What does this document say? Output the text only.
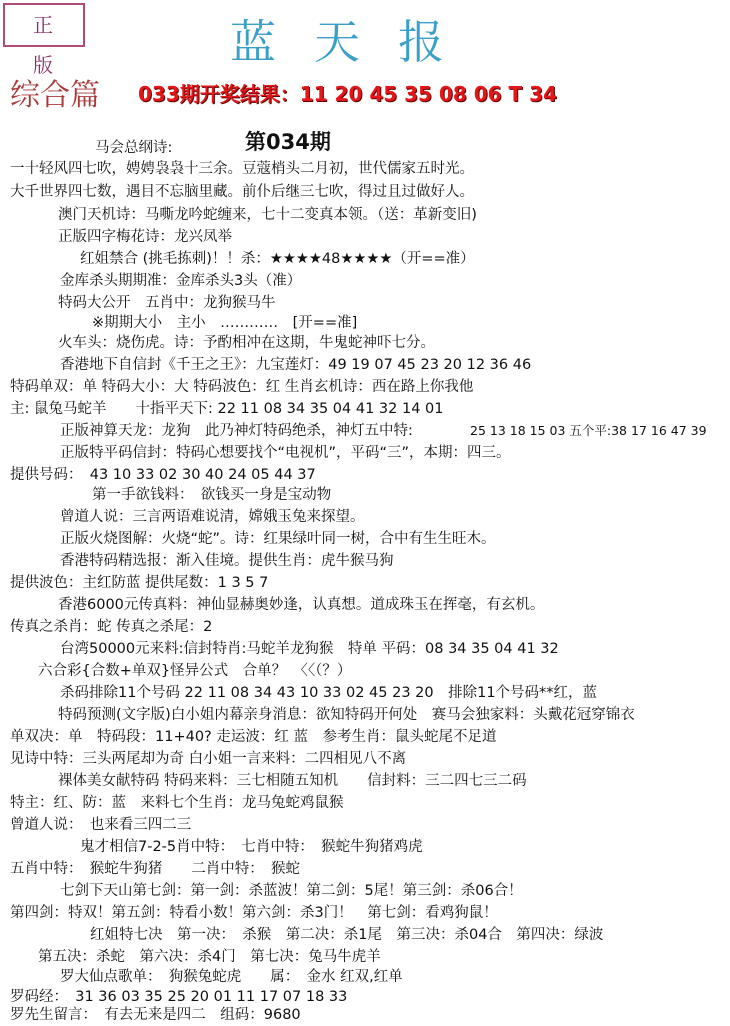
正版	蓝天报
综合篇 033期开奖结果：11 20 45 35 08 06 T 34
第034期
马会总纲诗:
一十轻风四七吹，娉娉袅袅十三余。豆蔻梢头二月初，世代儒家五时光。
大千世界四七数，遇目不忘脑里藏。前仆后继三七吹，得过且过做好人。
澳门天机诗：马嘶龙吟蛇缠来，七十二变真本领。（送：革新变旧)
正版四字梅花诗：龙兴凤举
红姐禁合 (挑毛拣刺)！！杀：★★★★48★★★★（开==准）
金库杀头期期准：金库杀头3头（准）
特码大公开　五肖中：龙狗猴马牛
※期期大小　主小　…………　[开==准]
火车头：烧伤虎。诗：予酌相冲在这期，牛鬼蛇神吓七分。
香港地下自信封《千王之王》：九宝莲灯：49 19 07 45 23 20 12 36 46
特码单双：单 特码大小：大 特码波色：红 生肖玄机诗：西在路上你我他
主: 鼠兔马蛇羊　　十指平天下: 22 11 08 34 35 04 41 32 14 01
正版神算天龙：龙狗　此乃神灯特码绝杀，神灯五中特:	25 13 18 15 03 五个平:38 17 16 47 39
正版特平码信封：特码心想要找个“电视机”，平码“三”，本期：四三。
提供号码：　43 10 33 02 30 40 24 05 44 37
第一手欲钱料：　欲钱买一身是宝动物
曾道人说：三言两语难说清，嫦娥玉兔来探望。
正版火烧图解：火烧“蛇”。诗：红果绿叶同一树，合中有生生旺木。
香港特码精选报：渐入佳境。提供生肖：虎牛猴马狗
提供波色：主红防蓝 提供尾数：1 3 5 7
香港6000元传真料：神仙显赫奥妙逢，认真想。道成珠玉在挥毫，有玄机。
传真之杀肖：蛇 传真之杀尾：2
台湾50000元来料:信封特肖:马蛇羊龙狗猴　特单 平码：08 34 35 04 41 32
六合彩{合数+单双}怪异公式　合单？　〈〈（？）
杀码排除11个号码 22 11 08 34 43 10 33 02 45 23 20　排除11个号码**红，蓝
特码预测(文字版)白小姐内幕亲身消息：欲知特码开何处　赛马会独家料：头戴花冠穿锦衣
单双决：单　特码段：11+40? 走运波：红 蓝　参考生肖：鼠头蛇尾不足道
见诗中特：三头两尾却为奇 白小姐一言来料：二四相见八不离
裸体美女献特码 特码来料：三七相随五知机　　信封料：三二四七三二码
特主：红、防：蓝　来料七个生肖：龙马兔蛇鸡鼠猴
曾道人说：　也来看三四二三
鬼才相信7-2-5肖中特：　七肖中特：　猴蛇牛狗猪鸡虎
五肖中特：　猴蛇牛狗猪　　二肖中特：　猴蛇
七剑下天山第七剑：第一剑：杀蓝波！第二剑：5尾！第三剑：杀06合！
第四剑：特双！第五剑：特看小数！第六剑：杀3门！　第七剑：看鸡狗鼠！
红姐特七决　第一决：　杀猴　第二决：杀1尾　第三决：杀04合　第四决：绿波
第五决：杀蛇　第六决：杀4门　第七决：兔马牛虎羊
罗大仙点歌单：　狗猴兔蛇虎　　属：　金水 红双,红单
罗码经：　31 36 03 35 25 20 01 11 17 07 18 33
罗先生留言：　有去无来是四二　组码：9680
